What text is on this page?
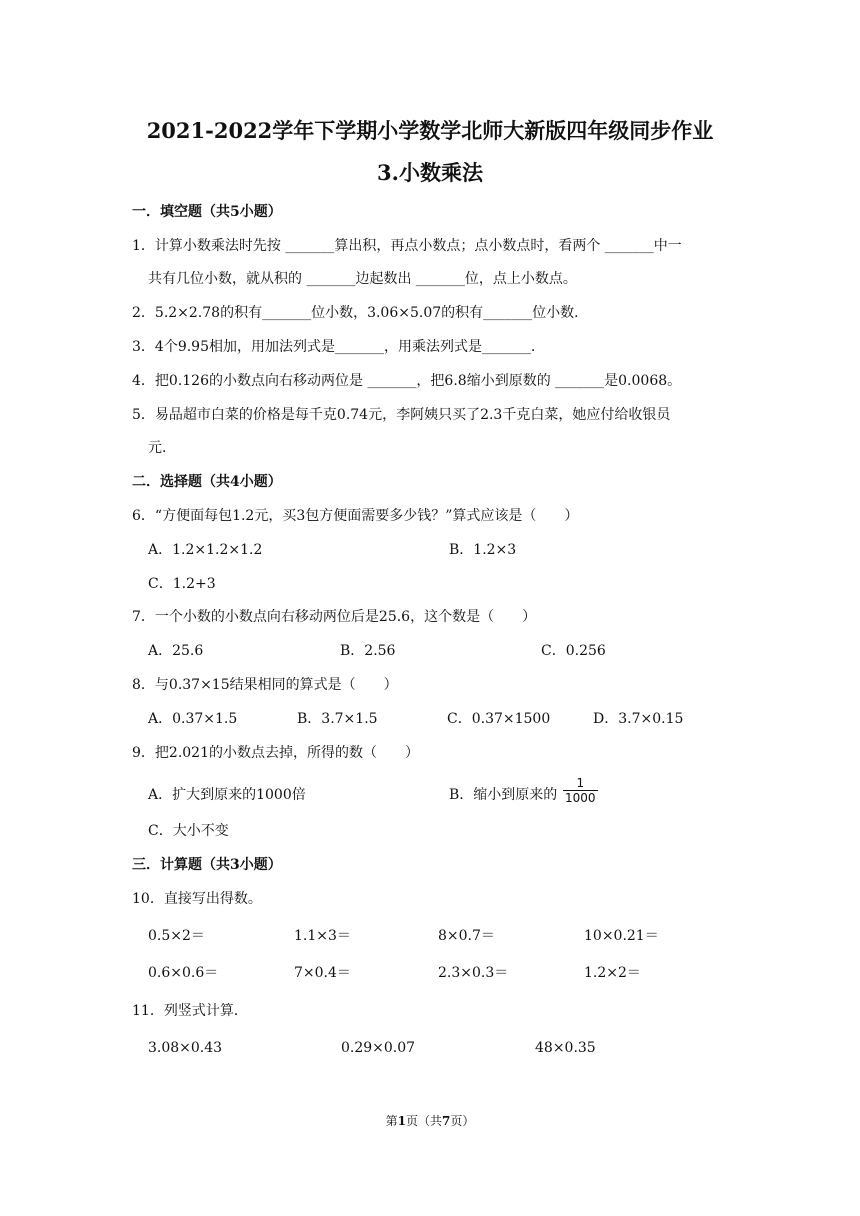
2021-2022学年下学期小学数学北师大新版四年级同步作业
3.小数乘法
一．填空题（共5小题）
1．计算小数乘法时先按 _______算出积，再点小数点；点小数点时，看两个 _______中一
共有几位小数，就从积的 _______边起数出 _______位，点上小数点。
2．5.2×2.78的积有_______位小数，3.06×5.07的积有_______位小数．
3．4个9.95相加，用加法列式是_______，用乘法列式是_______．
4．把0.126的小数点向右移动两位是 _______，把6.8缩小到原数的 _______是0.0068。
5．易品超市白菜的价格是每千克0.74元，李阿姨只买了2.3千克白菜，她应付给收银员
元．
二．选择题（共4小题）
6．“方便面每包1.2元，买3包方便面需要多少钱？”算式应该是（　　）
A．1.2×1.2×1.2	B．1.2×3
C．1.2+3
7．一个小数的小数点向右移动两位后是25.6，这个数是（　　）
A．25.6	B．2.56	C．0.256
8．与0.37×15结果相同的算式是（　　）
A．0.37×1.5	B．3.7×1.5	C．0.37×1500	D．3.7×0.15
9．把2.021的小数点去掉，所得的数（　　）
A．扩大到原来的1000倍	B．缩小到原来的
1
1000
C．大小不变
三．计算题（共3小题）
10．直接写出得数。
0.5×2＝	1.1×3＝	8×0.7＝	10×0.21＝
0.6×0.6＝	7×0.4＝	2.3×0.3＝	1.2×2＝
11．列竖式计算．
3.08×0.43	0.29×0.07	48×0.35
第1页（共7页）
